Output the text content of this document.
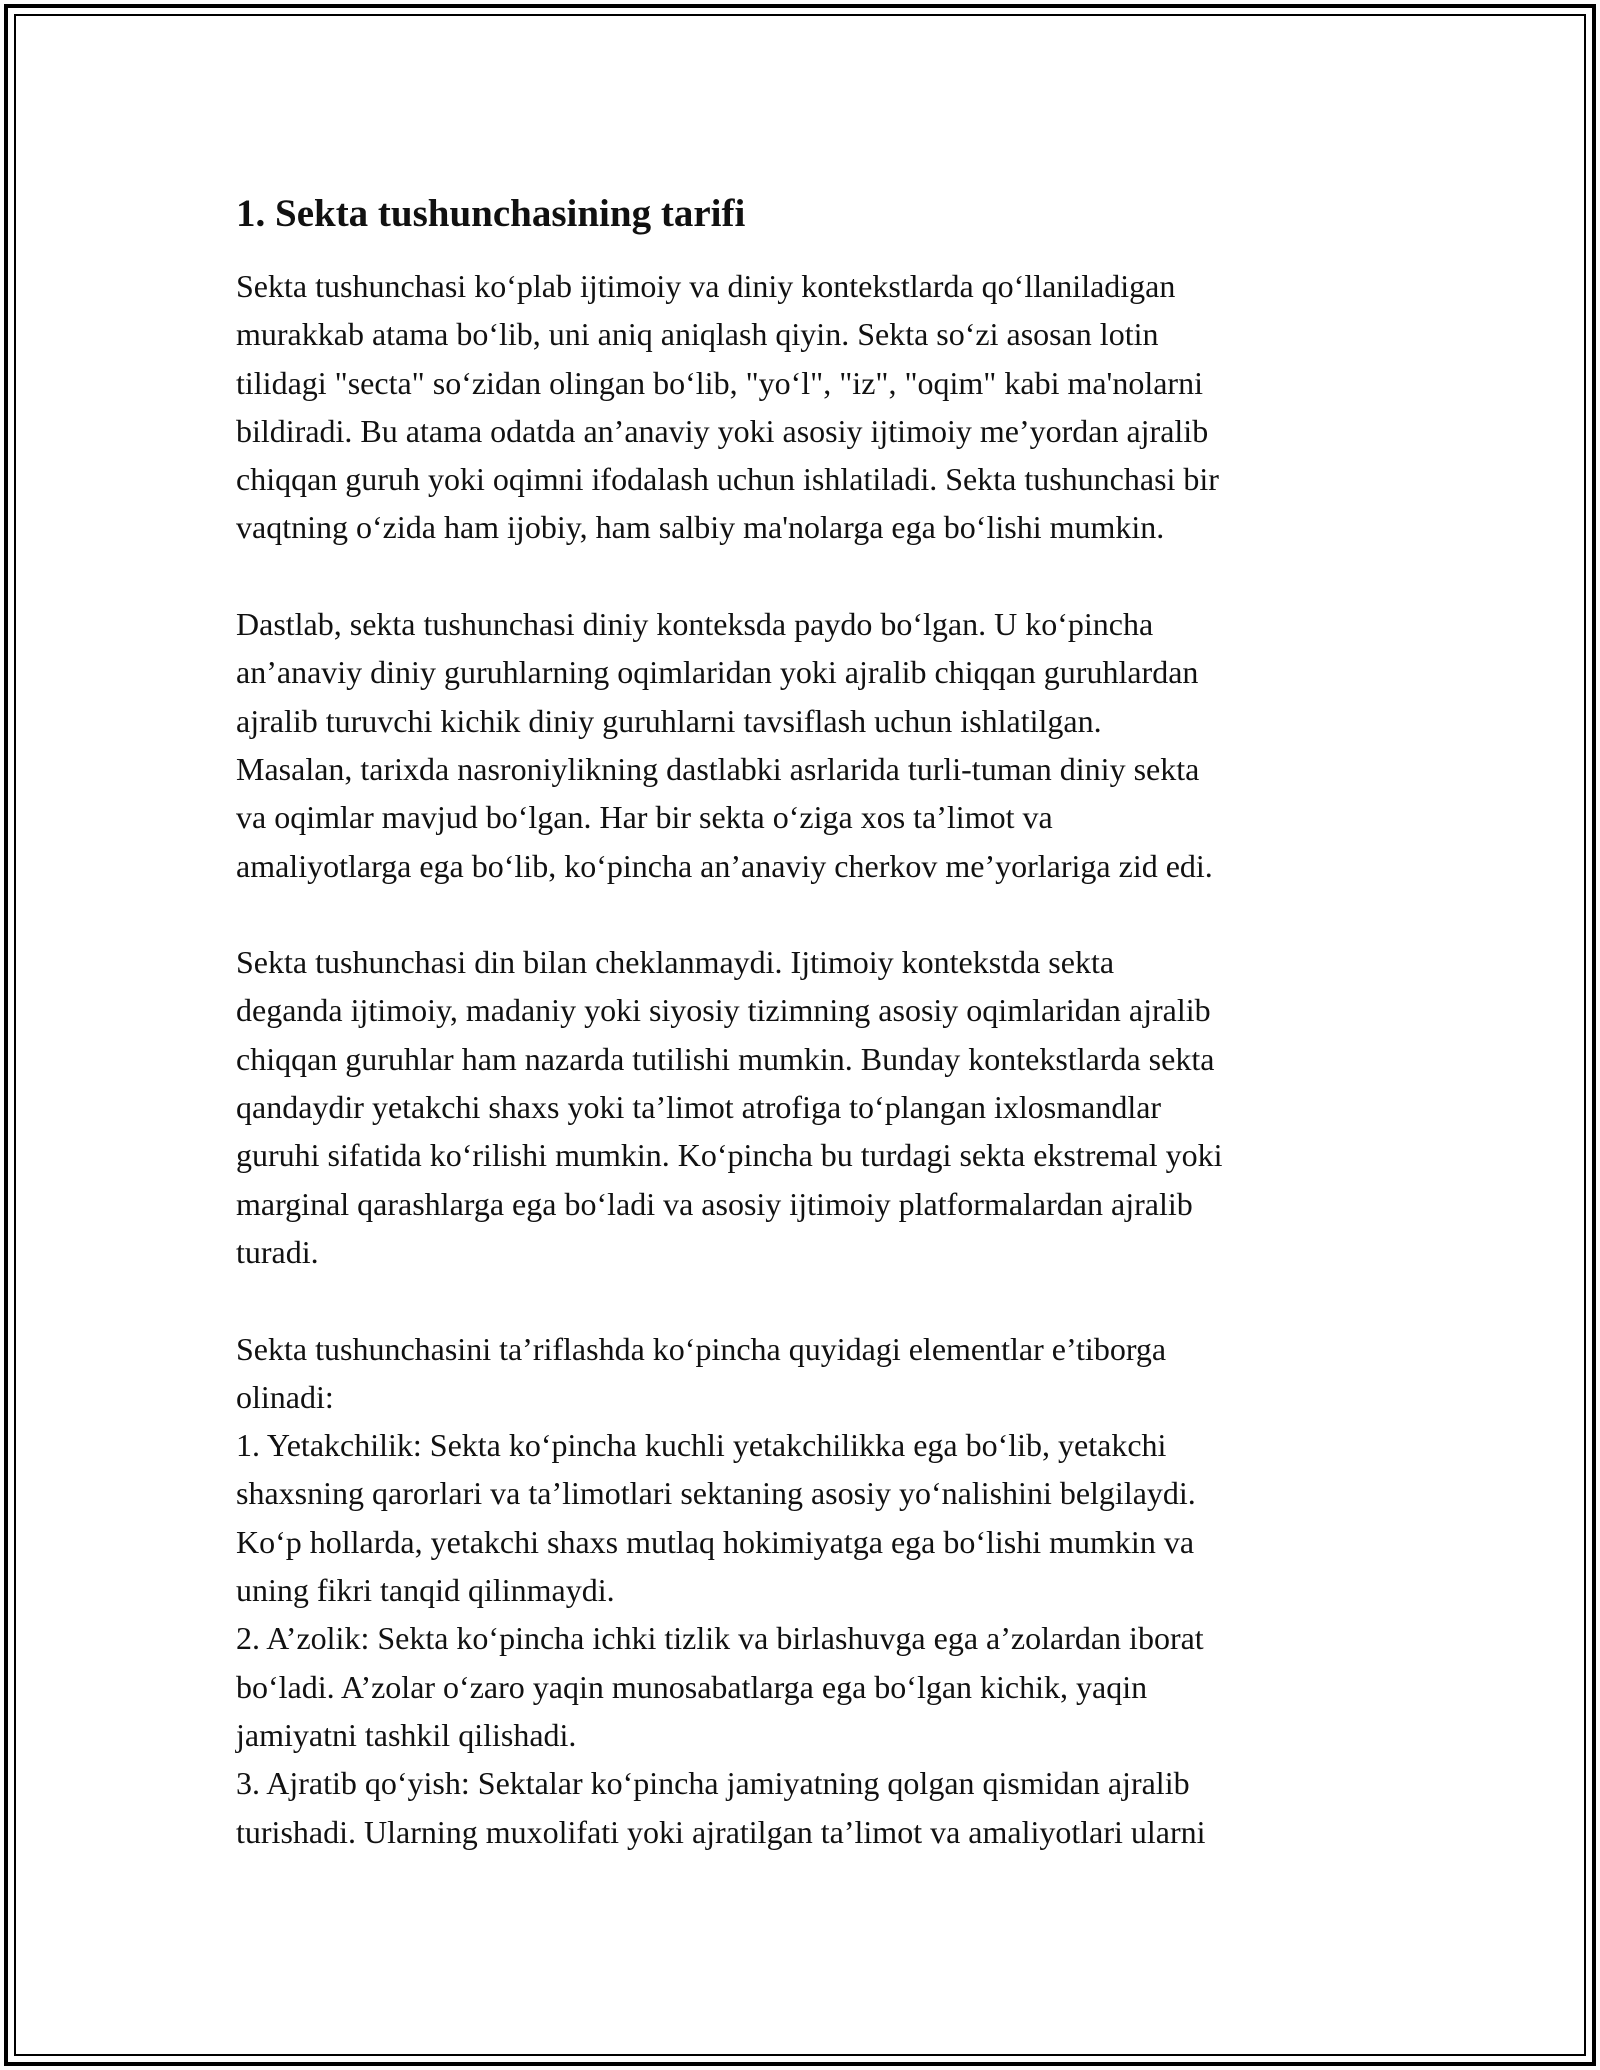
1. Sekta tushunchasining tarifi
Sekta tushunchasi ko‘plab ijtimoiy va diniy kontekstlarda qo‘llaniladigan
murakkab atama bo‘lib, uni aniq aniqlash qiyin. Sekta so‘zi asosan lotin
tilidagi "secta" so‘zidan olingan bo‘lib, "yo‘l", "iz", "oqim" kabi ma'nolarni
bildiradi. Bu atama odatda an’anaviy yoki asosiy ijtimoiy me’yordan ajralib
chiqqan guruh yoki oqimni ifodalash uchun ishlatiladi. Sekta tushunchasi bir
vaqtning o‘zida ham ijobiy, ham salbiy ma'nolarga ega bo‘lishi mumkin.
Dastlab, sekta tushunchasi diniy konteksda paydo bo‘lgan. U ko‘pincha
an’anaviy diniy guruhlarning oqimlaridan yoki ajralib chiqqan guruhlardan
ajralib turuvchi kichik diniy guruhlarni tavsiflash uchun ishlatilgan.
Masalan, tarixda nasroniylikning dastlabki asrlarida turli-tuman diniy sekta
va oqimlar mavjud bo‘lgan. Har bir sekta o‘ziga xos ta’limot va
amaliyotlarga ega bo‘lib, ko‘pincha an’anaviy cherkov me’yorlariga zid edi.
Sekta tushunchasi din bilan cheklanmaydi. Ijtimoiy kontekstda sekta
deganda ijtimoiy, madaniy yoki siyosiy tizimning asosiy oqimlaridan ajralib
chiqqan guruhlar ham nazarda tutilishi mumkin. Bunday kontekstlarda sekta
qandaydir yetakchi shaxs yoki ta’limot atrofiga to‘plangan ixlosmandlar
guruhi sifatida ko‘rilishi mumkin. Ko‘pincha bu turdagi sekta ekstremal yoki
marginal qarashlarga ega bo‘ladi va asosiy ijtimoiy platformalardan ajralib
turadi.
Sekta tushunchasini ta’riflashda ko‘pincha quyidagi elementlar e’tiborga
olinadi:
1. Yetakchilik: Sekta ko‘pincha kuchli yetakchilikka ega bo‘lib, yetakchi
shaxsning qarorlari va ta’limotlari sektaning asosiy yo‘nalishini belgilaydi.
Ko‘p hollarda, yetakchi shaxs mutlaq hokimiyatga ega bo‘lishi mumkin va
uning fikri tanqid qilinmaydi.
2. A’zolik: Sekta ko‘pincha ichki tizlik va birlashuvga ega a’zolardan iborat
bo‘ladi. A’zolar o‘zaro yaqin munosabatlarga ega bo‘lgan kichik, yaqin
jamiyatni tashkil qilishadi.
3. Ajratib qo‘yish: Sektalar ko‘pincha jamiyatning qolgan qismidan ajralib
turishadi. Ularning muxolifati yoki ajratilgan ta’limot va amaliyotlari ularni
